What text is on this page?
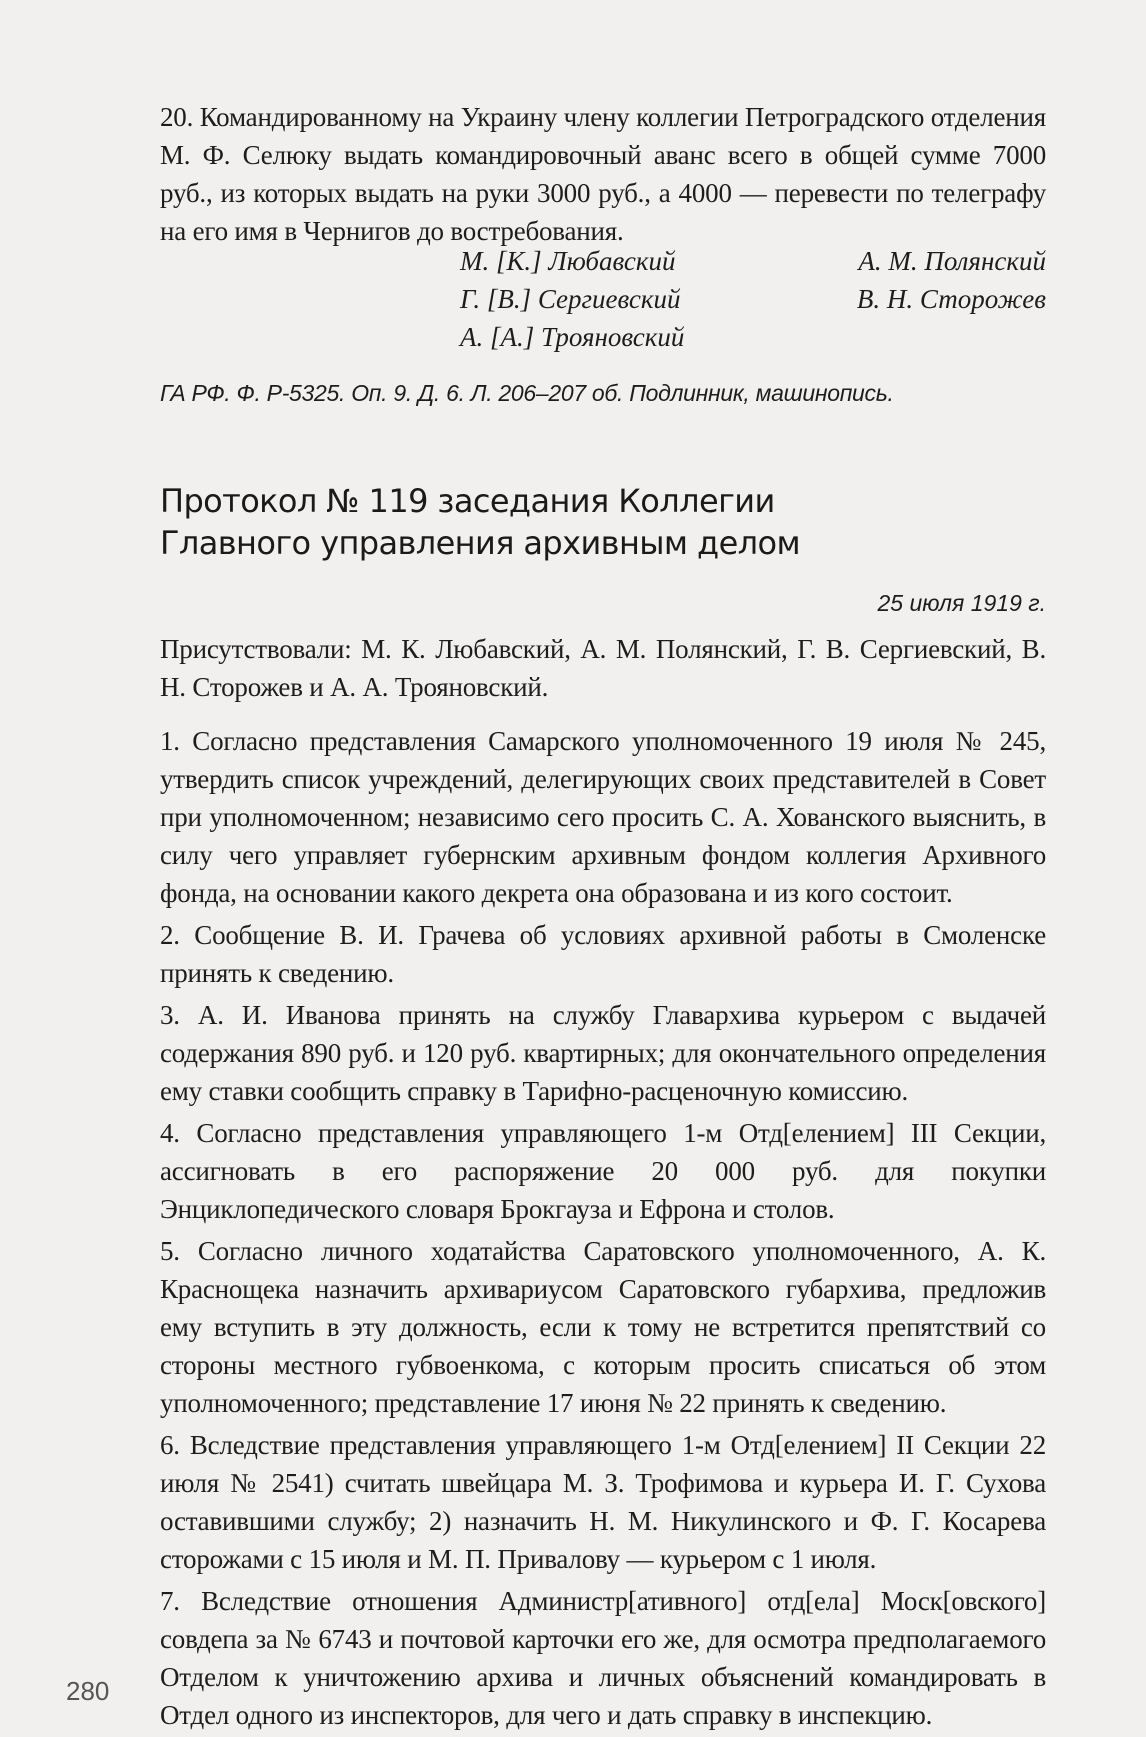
20. Командированному на Украину члену коллегии Петроградского отделения М. Ф. Селюку выдать командировочный аванс всего в общей сумме 7000 руб., из которых выдать на руки 3000 руб., а 4000 — перевести по телеграфу на его имя в Чернигов до востребования.

М. [К.] Любавский	А. М. Полянский
Г. [В.] Сергиевский	В. Н. Сторожев
А. [А.] Трояновский
ГА РФ. Ф. Р-5325. Оп. 9. Д. 6. Л. 206–207 об. Подлинник, машинопись.
Протокол № 119 заседания Коллегии
Главного управления архивным делом
25 июля 1919 г.

Присутствовали: М. К. Любавский, А. М. Полянский, Г. В. Сергиевский, В. Н. Сторожев и А. А. Трояновский.

1. Согласно представления Самарского уполномоченного 19 июля № 245, утвердить список учреждений, делегирующих своих представителей в Совет при уполномоченном; независимо сего просить С. А. Хованского выяснить, в силу чего управляет губернским архивным фондом коллегия Архивного фонда, на основании какого декрета она образована и из кого состоит.

2. Сообщение В. И. Грачева об условиях архивной работы в Смоленске принять к сведению.

3. А. И. Иванова принять на службу Главархива курьером с выдачей содержания 890 руб. и 120 руб. квартирных; для окончательного определения ему ставки сообщить справку в Тарифно-расценочную комиссию.

4. Согласно представления управляющего 1-м Отд[елением] III Секции, ассигновать в его распоряжение 20 000 руб. для покупки Энциклопедического словаря Брокгауза и Ефрона и столов.

5. Согласно личного ходатайства Саратовского уполномоченного, А. К. Краснощека назначить архивариусом Саратовского губархива, предложив ему вступить в эту должность, если к тому не встретится препятствий со стороны местного губвоенкома, с которым просить списаться об этом уполномоченного; представление 17 июня № 22 принять к сведению.

6. Вследствие представления управляющего 1-м Отд[елением] II Секции 22 июля № 2541) считать швейцара М. З. Трофимова и курьера И. Г. Сухова оставившими службу; 2) назначить Н. М. Никулинского и Ф. Г. Косарева сторожами с 15 июля и М. П. Привалову — курьером с 1 июля.

7. Вследствие отношения Администр[ативного] отд[ела] Моск[овского] совдепа за № 6743 и почтовой карточки его же, для осмотра предполагаемого Отделом к уничтожению архива и личных объяснений командировать в Отдел одного из инспекторов, для чего и дать справку в инспекцию.

280
